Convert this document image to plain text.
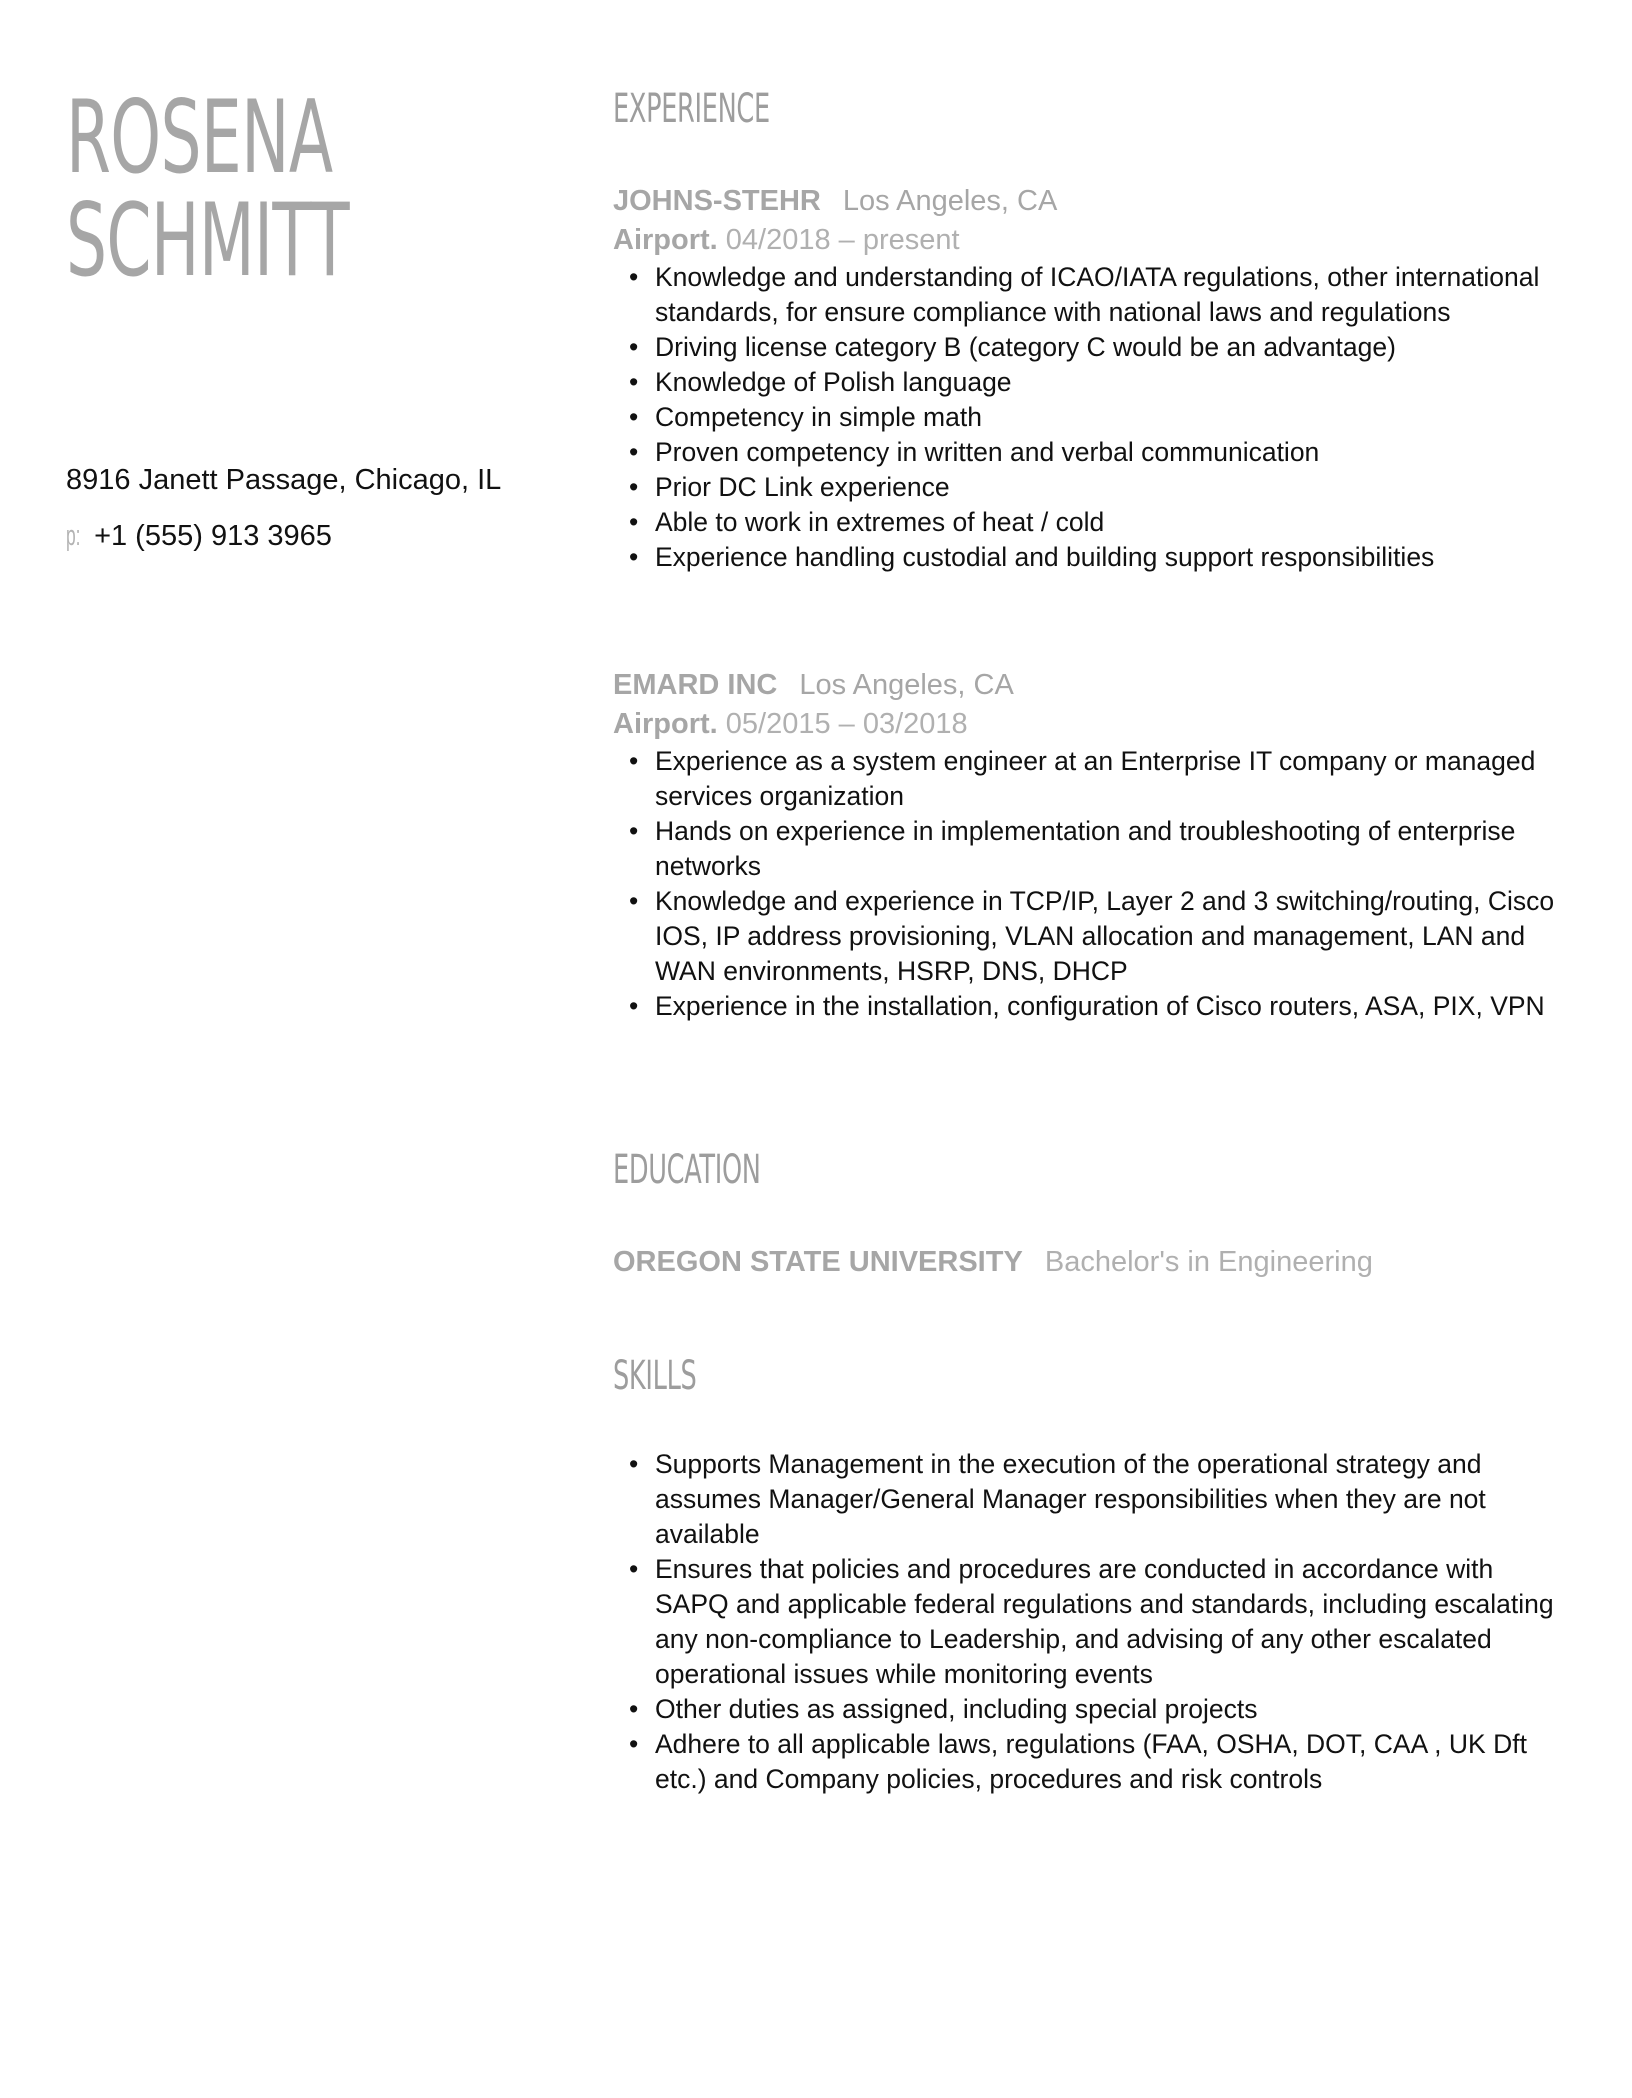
ROSENA
SCHMITT
8916 Janett Passage, Chicago, IL
p: +1 (555) 913 3965
EXPERIENCE
JOHNS-STEHR Los Angeles, CA
Airport. 04/2018 – present
• Knowledge and understanding of ICAO/IATA regulations, other international standards, for ensure compliance with national laws and regulations
• Driving license category B (category C would be an advantage)
• Knowledge of Polish language
• Competency in simple math
• Proven competency in written and verbal communication
• Prior DC Link experience
• Able to work in extremes of heat / cold
• Experience handling custodial and building support responsibilities
EMARD INC Los Angeles, CA
Airport. 05/2015 – 03/2018
• Experience as a system engineer at an Enterprise IT company or managed services organization
• Hands on experience in implementation and troubleshooting of enterprise networks
• Knowledge and experience in TCP/IP, Layer 2 and 3 switching/routing, Cisco IOS, IP address provisioning, VLAN allocation and management, LAN and WAN environments, HSRP, DNS, DHCP
• Experience in the installation, configuration of Cisco routers, ASA, PIX, VPN
EDUCATION
OREGON STATE UNIVERSITY Bachelor's in Engineering
SKILLS
• Supports Management in the execution of the operational strategy and assumes Manager/General Manager responsibilities when they are not available
• Ensures that policies and procedures are conducted in accordance with SAPQ and applicable federal regulations and standards, including escalating any non-compliance to Leadership, and advising of any other escalated operational issues while monitoring events
• Other duties as assigned, including special projects
• Adhere to all applicable laws, regulations (FAA, OSHA, DOT, CAA , UK Dft etc.) and Company policies, procedures and risk controls
